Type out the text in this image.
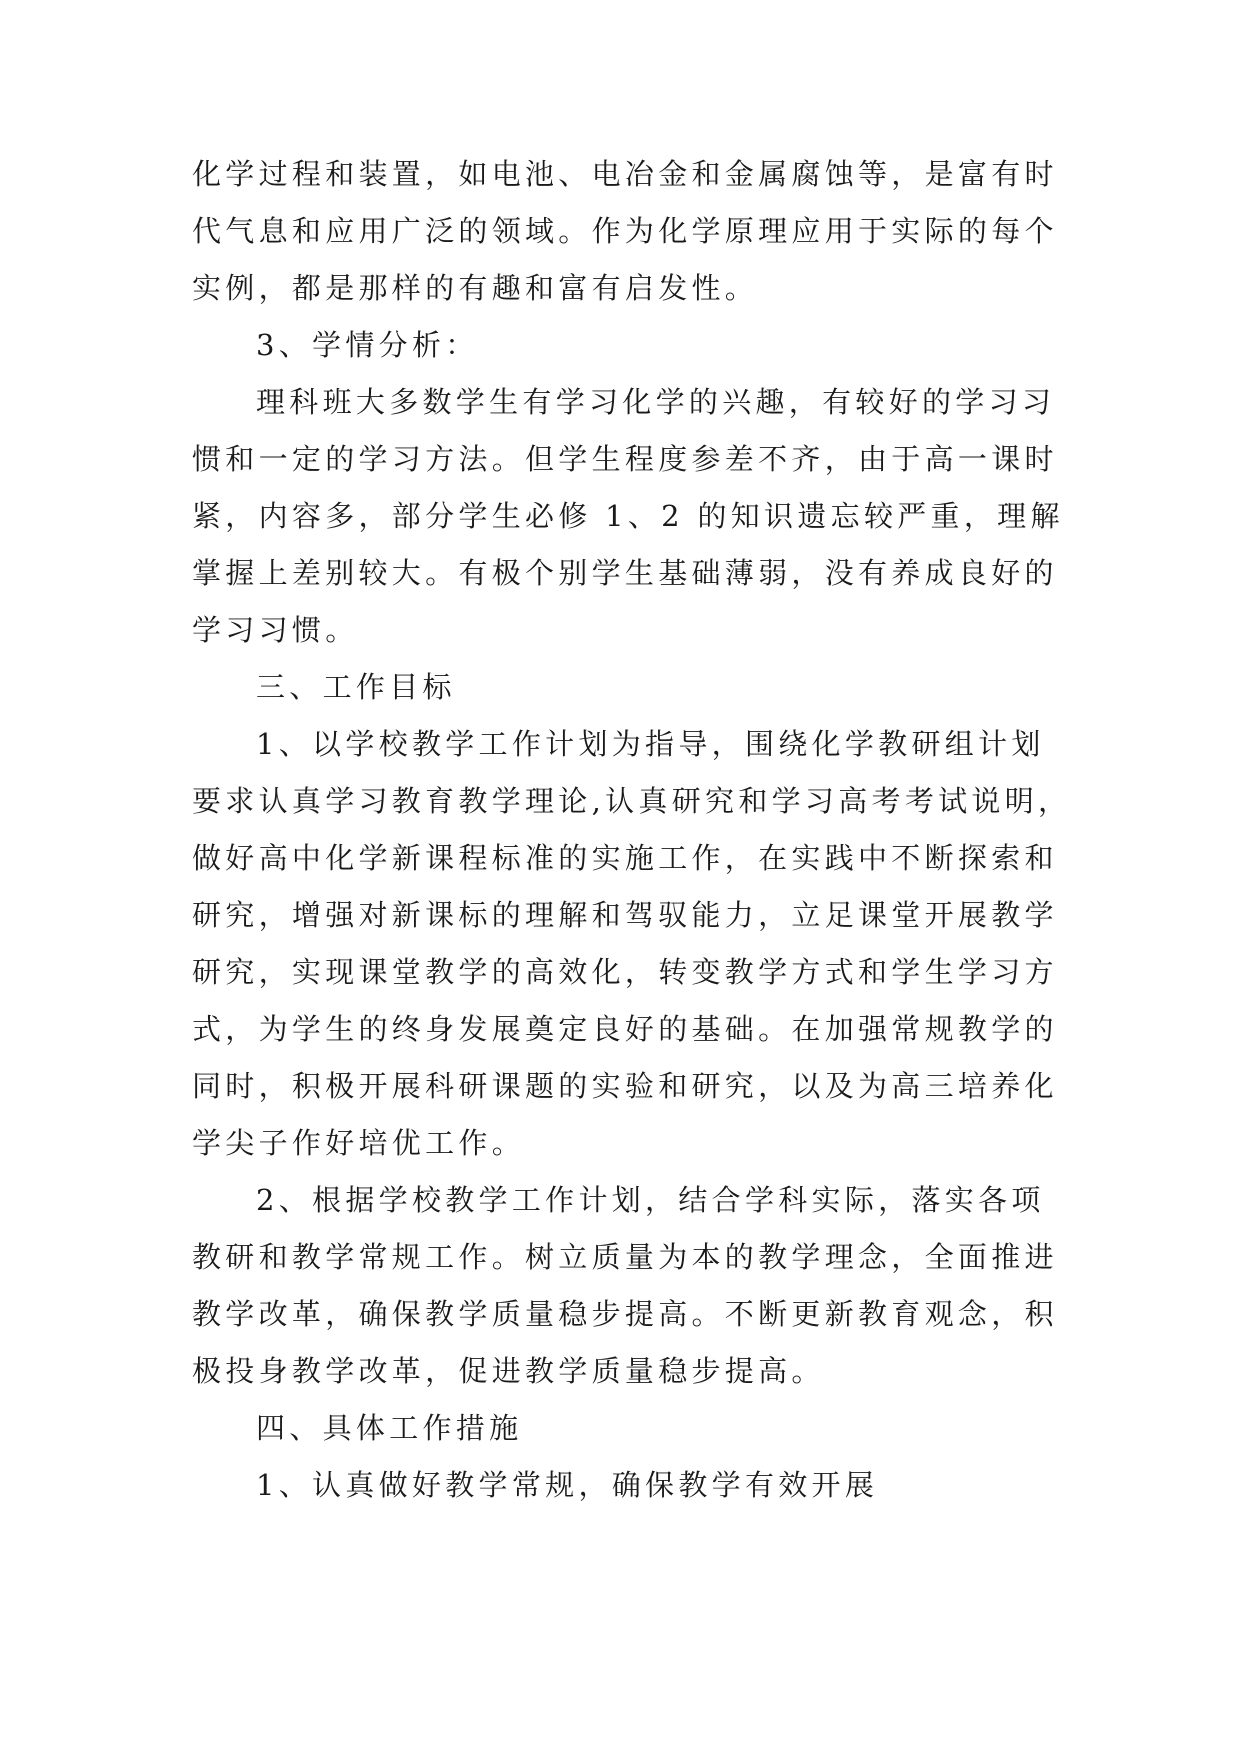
化学过程和装置，如电池、电冶金和金属腐蚀等，是富有时
代气息和应用广泛的领域。作为化学原理应用于实际的每个
实例，都是那样的有趣和富有启发性。
3、学情分析：
理科班大多数学生有学习化学的兴趣，有较好的学习习
惯和一定的学习方法。但学生程度参差不齐，由于高一课时
紧，内容多，部分学生必修 1、2 的知识遗忘较严重，理解
掌握上差别较大。有极个别学生基础薄弱，没有养成良好的
学习习惯。
三、工作目标
1、以学校教学工作计划为指导，围绕化学教研组计划
要求认真学习教育教学理论,认真研究和学习高考考试说明，
做好高中化学新课程标准的实施工作，在实践中不断探索和
研究，增强对新课标的理解和驾驭能力，立足课堂开展教学
研究，实现课堂教学的高效化，转变教学方式和学生学习方
式，为学生的终身发展奠定良好的基础。在加强常规教学的
同时，积极开展科研课题的实验和研究，以及为高三培养化
学尖子作好培优工作。
2、根据学校教学工作计划，结合学科实际，落实各项
教研和教学常规工作。树立质量为本的教学理念，全面推进
教学改革，确保教学质量稳步提高。不断更新教育观念，积
极投身教学改革，促进教学质量稳步提高。
四、具体工作措施
1、认真做好教学常规，确保教学有效开展
